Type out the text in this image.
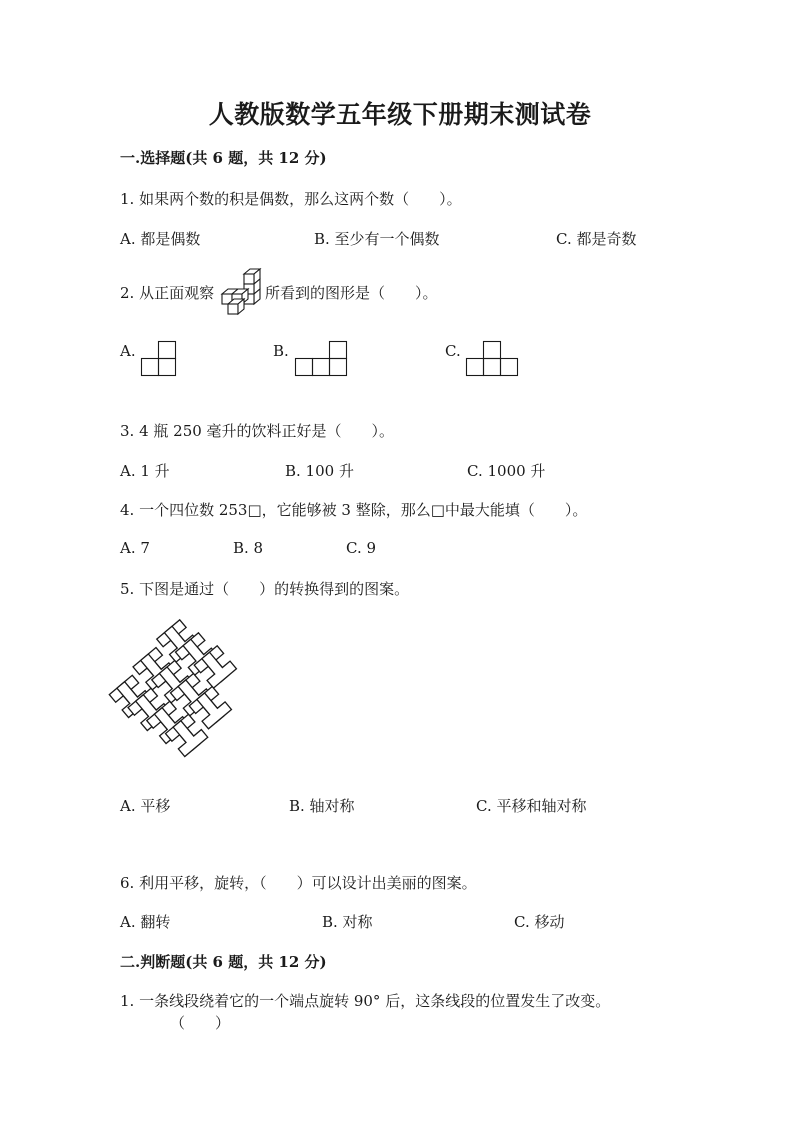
人教版数学五年级下册期末测试卷
一.选择题(共 6 题，共 12 分)
1. 如果两个数的积是偶数，那么这两个数（　　）。
A. 都是偶数	B. 至少有一个偶数	C. 都是奇数
2. 从正面观察	所看到的图形是（　　）。
A.	B.	C.
3. 4 瓶 250 毫升的饮料正好是（　　）。
A. 1 升	B. 100 升	C. 1000 升
4. 一个四位数 253□，它能够被 3 整除，那么□中最大能填（　　）。
A. 7	B. 8	C. 9
5. 下图是通过（　　）的转换得到的图案。
A. 平移	B. 轴对称	C. 平移和轴对称
6. 利用平移，旋转，（　　）可以设计出美丽的图案。
A. 翻转	B. 对称	C. 移动
二.判断题(共 6 题，共 12 分)
1. 一条线段绕着它的一个端点旋转 90° 后，这条线段的位置发生了改变。
（　　）
